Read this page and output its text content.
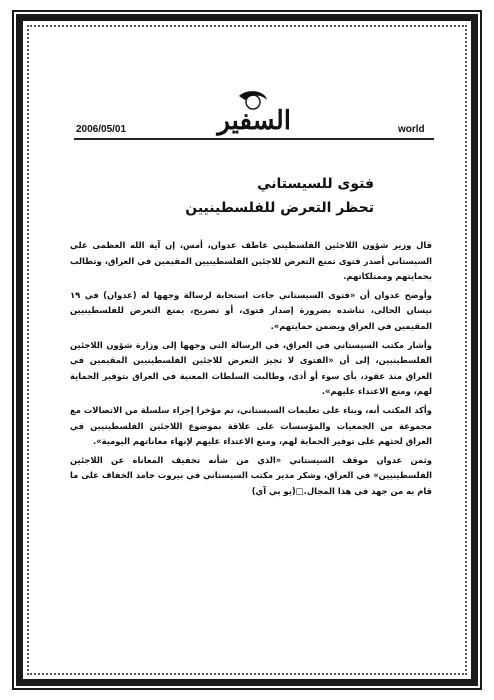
السفير
2006/05/01	world
فتوى للسيستاني
تحظر التعرض للفلسطينيين

قال وزير شؤون اللاجئين الفلسطيني عاطف عدوان، أمس، إن آية الله العظمى علي السيستاني أصدر فتوى تمنع التعرض للاجئين الفلسطينيين المقيمين في العراق، وتطالب بحمايتهم وممتلكاتهم.

وأوضح عدوان أن «فتوى السيستاني جاءت استجابة لرسالة وجهها له (عدوان) في ١٩ نيسان الحالي، تناشده بضرورة إصدار فتوى، أو تصريح، يمنع التعرض للفلسطينيين المقيمين في العراق ويضمن حمايتهم».

وأشار مكتب السيستاني في العراق، في الرسالة التي وجهها إلى وزارة شؤون اللاجئين الفلسطينيين، إلى أن «الفتوى لا تجيز التعرض للاجئين الفلسطينيين المقيمين في العراق منذ عقود، بأي سوء أو أذى، وطالبت السلطات المعنية في العراق بتوفير الحماية لهم، ومنع الاعتداء عليهم».

وأكد المكتب أنه، وبناء على تعليمات السيستاني، تم مؤخرا إجراء سلسلة من الاتصالات مع مجموعة من الجمعيات والمؤسسات على علاقة بموضوع اللاجئين الفلسطينيين في العراق لحثهم على توفير الحماية لهم، ومنع الاعتداء عليهم لإنهاء معاناتهم اليومية».

وثمن عدوان موقف السيستاني «الذي من شأنه تخفيف المعاناة عن اللاجئين الفلسطينيين» في العراق، وشكر مدير مكتب السيستاني في بيروت حامد الخفاف على ما قام به من جهد في هذا المجال.□(يو بي آي)
